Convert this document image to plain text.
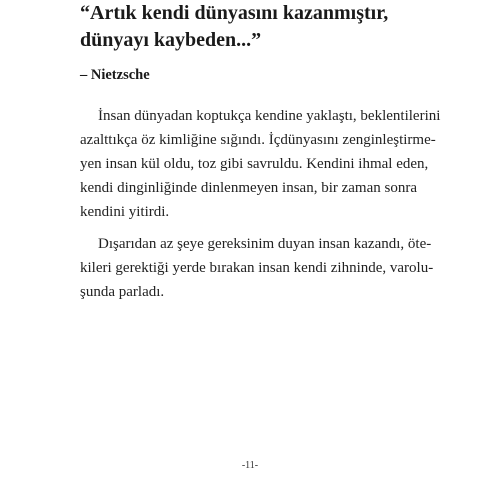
“Artık kendi dünyasını kazanmıştır,
dünyayı kaybeden...”

– Nietzsche

İnsan dünyadan koptukça kendine yaklaştı, beklentilerini
azalttıkça öz kimliğine sığındı. İçdünyasını zenginleştirme-
yen insan kül oldu, toz gibi savruldu. Kendini ihmal eden,
kendi dinginliğinde dinlenmeyen insan, bir zaman sonra
kendini yitirdi.
Dışarıdan az şeye gereksinim duyan insan kazandı, öte-
kileri gerektiği yerde bırakan insan kendi zihninde, varolu-
şunda parladı.

-11-
